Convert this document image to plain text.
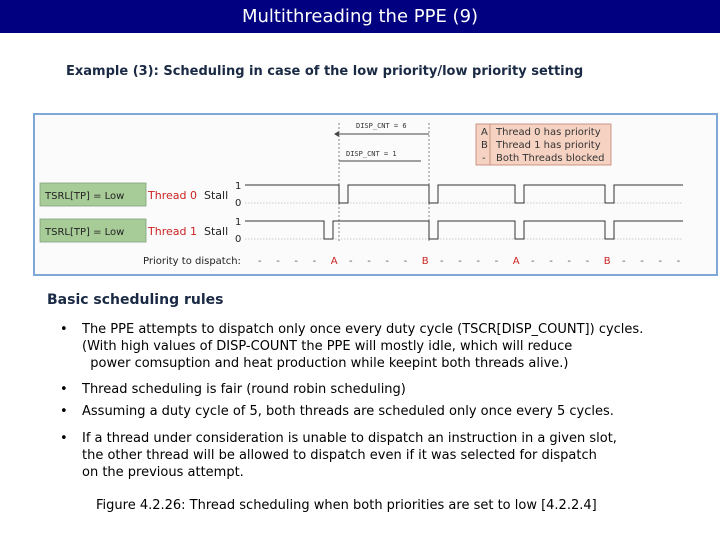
Multithreading the PPE (9)
Example (3): Scheduling in case of the low priority/low priority setting
DISP_CNT = 6
DISP_CNT = 1
A Thread 0 has priority
B Thread 1 has priority
- Both Threads blocked
TSRL[TP] = Low Thread 0 Stall
1
0
TSRL[TP] = Low Thread 1 Stall
1
0
Priority to dispatch: - - - - A - - - - B - - - - A - - - - B - - - -
Basic scheduling rules
• The PPE attempts to dispatch only once every duty cycle (TSCR[DISP_COUNT]) cycles.
(With high values of DISP-COUNT the PPE will mostly idle, which will reduce
power comsuption and heat production while keepint both threads alive.)
• Thread scheduling is fair (round robin scheduling)
• Assuming a duty cycle of 5, both threads are scheduled only once every 5 cycles.
• If a thread under consideration is unable to dispatch an instruction in a given slot,
the other thread will be allowed to dispatch even if it was selected for dispatch
on the previous attempt.
Figure 4.2.26: Thread scheduling when both priorities are set to low [4.2.2.4]
